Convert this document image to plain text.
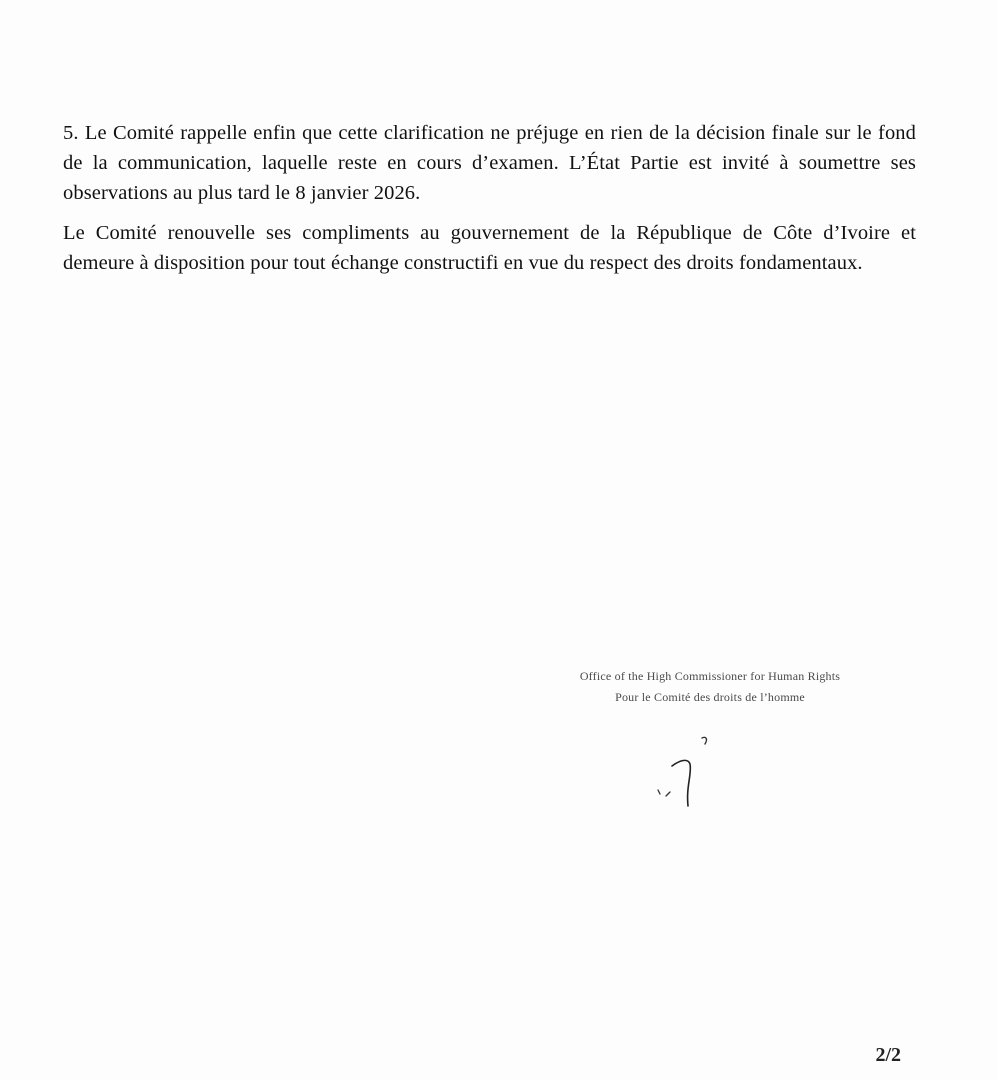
5. Le Comité rappelle enfin que cette clarification ne préjuge en rien de la décision finale sur le fond de la communication, laquelle reste en cours d’examen. L’État Partie est invité à soumettre ses observations au plus tard le 8 janvier 2026.

Le Comité renouvelle ses compliments au gouvernement de la République de Côte d’Ivoire et demeure à disposition pour tout échange constructifi en vue du respect des droits fondamentaux.

Office of the High Commissioner for Human Rights
Pour le Comité des droits de l’homme
2/2
